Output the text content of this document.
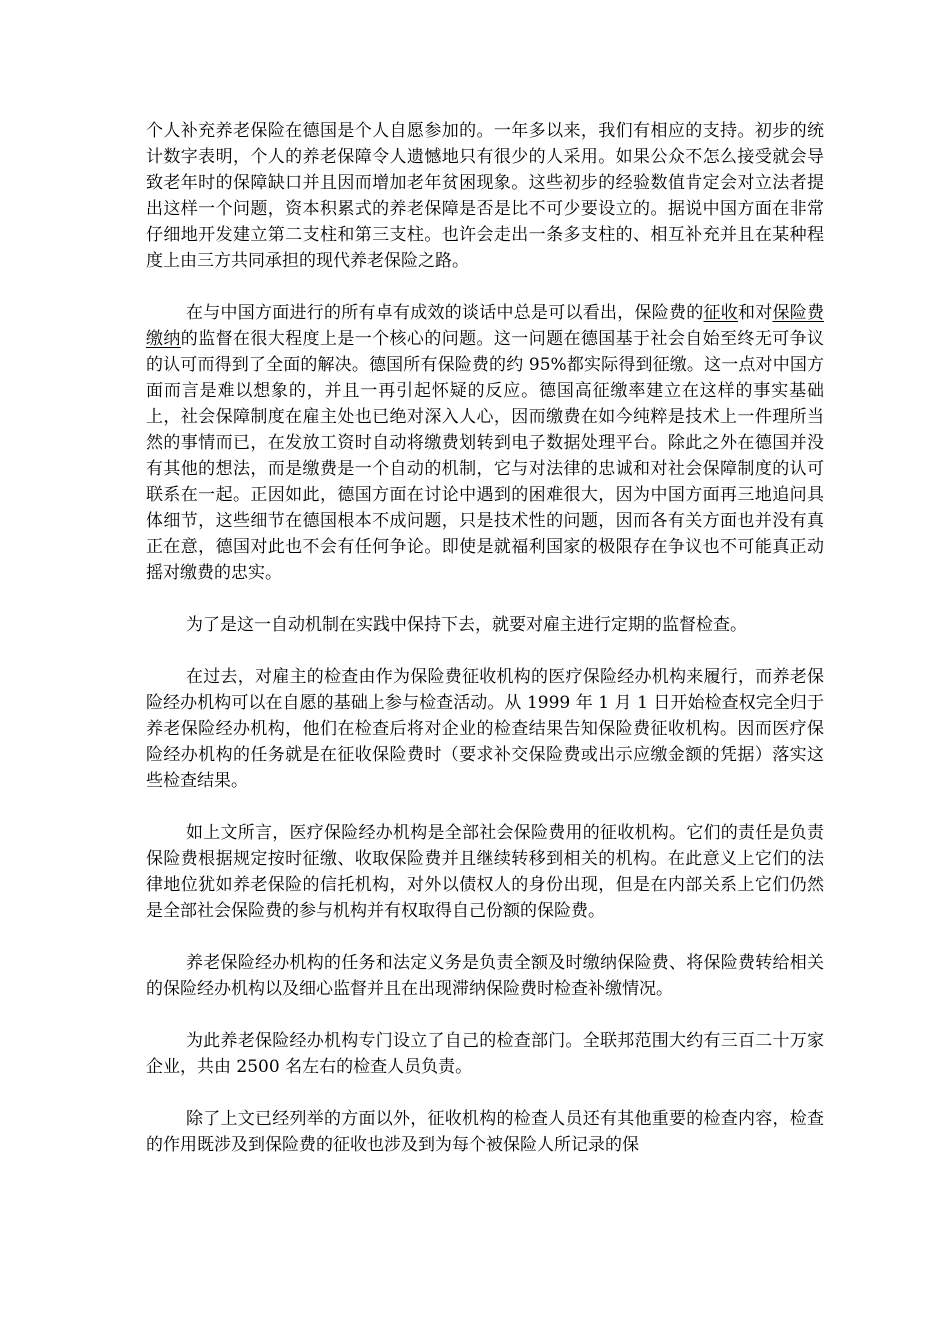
个人补充养老保险在德国是个人自愿参加的。一年多以来，我们有相应的支持。初步的统计数字表明，个人的养老保障令人遗憾地只有很少的人采用。如果公众不怎么接受就会导致老年时的保障缺口并且因而增加老年贫困现象。这些初步的经验数值肯定会对立法者提出这样一个问题，资本积累式的养老保障是否是比不可少要设立的。据说中国方面在非常仔细地开发建立第二支柱和第三支柱。也许会走出一条多支柱的、相互补充并且在某种程度上由三方共同承担的现代养老保险之路。

在与中国方面进行的所有卓有成效的谈话中总是可以看出，保险费的征收和对保险费缴纳的监督在很大程度上是一个核心的问题。这一问题在德国基于社会自始至终无可争议的认可而得到了全面的解决。德国所有保险费的约 95%都实际得到征缴。这一点对中国方面而言是难以想象的，并且一再引起怀疑的反应。德国高征缴率建立在这样的事实基础上，社会保障制度在雇主处也已绝对深入人心，因而缴费在如今纯粹是技术上一件理所当然的事情而已，在发放工资时自动将缴费划转到电子数据处理平台。除此之外在德国并没有其他的想法，而是缴费是一个自动的机制，它与对法律的忠诚和对社会保障制度的认可联系在一起。正因如此，德国方面在讨论中遇到的困难很大，因为中国方面再三地追问具体细节，这些细节在德国根本不成问题，只是技术性的问题，因而各有关方面也并没有真正在意，德国对此也不会有任何争论。即使是就福利国家的极限存在争议也不可能真正动摇对缴费的忠实。

为了是这一自动机制在实践中保持下去，就要对雇主进行定期的监督检查。

在过去，对雇主的检查由作为保险费征收机构的医疗保险经办机构来履行，而养老保险经办机构可以在自愿的基础上参与检查活动。从 1999 年 1 月 1 日开始检查权完全归于养老保险经办机构，他们在检查后将对企业的检查结果告知保险费征收机构。因而医疗保险经办机构的任务就是在征收保险费时（要求补交保险费或出示应缴金额的凭据）落实这些检查结果。

如上文所言，医疗保险经办机构是全部社会保险费用的征收机构。它们的责任是负责保险费根据规定按时征缴、收取保险费并且继续转移到相关的机构。在此意义上它们的法律地位犹如养老保险的信托机构，对外以债权人的身份出现，但是在内部关系上它们仍然是全部社会保险费的参与机构并有权取得自己份额的保险费。

养老保险经办机构的任务和法定义务是负责全额及时缴纳保险费、将保险费转给相关的保险经办机构以及细心监督并且在出现滞纳保险费时检查补缴情况。

为此养老保险经办机构专门设立了自己的检查部门。全联邦范围大约有三百二十万家企业，共由 2500 名左右的检查人员负责。

除了上文已经列举的方面以外，征收机构的检查人员还有其他重要的检查内容，检查的作用既涉及到保险费的征收也涉及到为每个被保险人所记录的保
